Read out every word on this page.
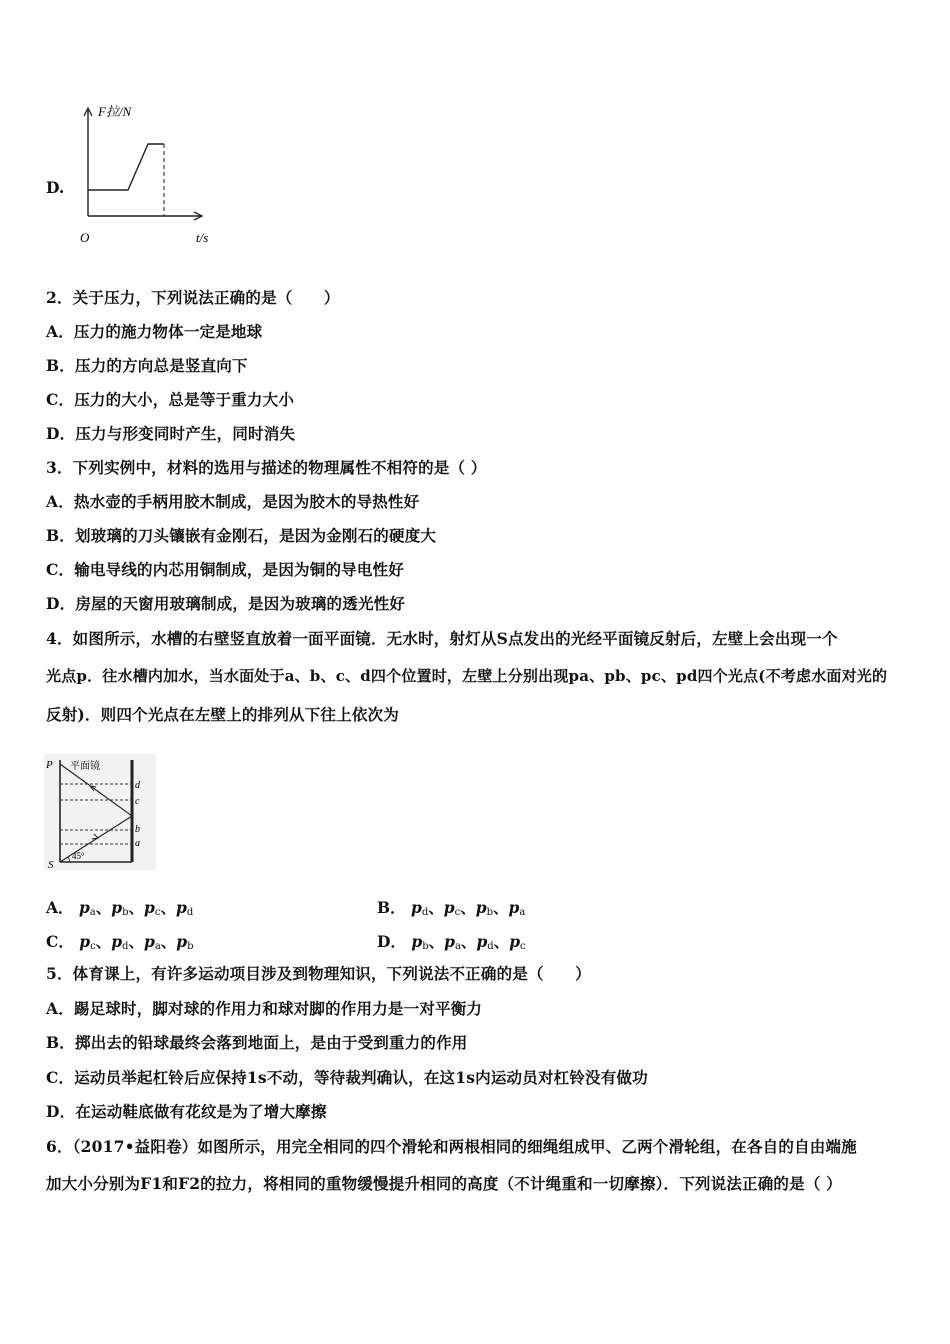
D.
F拉/N
O	t/s
2．关于压力，下列说法正确的是（　　）
A．压力的施力物体一定是地球
B．压力的方向总是竖直向下
C．压力的大小，总是等于重力大小
D．压力与形变同时产生，同时消失
3．下列实例中，材料的选用与描述的物理属性不相符的是（ ）
A．热水壶的手柄用胶木制成，是因为胶木的导热性好
B．划玻璃的刀头镶嵌有金刚石，是因为金刚石的硬度大
C．输电导线的内芯用铜制成，是因为铜的导电性好
D．房屋的天窗用玻璃制成，是因为玻璃的透光性好
4．如图所示，水槽的右壁竖直放着一面平面镜．无水时，射灯从S点发出的光经平面镜反射后，左壁上会出现一个
光点p．往水槽内加水，当水面处于a、b、c、d四个位置时，左壁上分别出现pa、pb、pc、pd四个光点(不考虑水面对光的
反射)．则四个光点在左壁上的排列从下往上依次为
P
S
45°
平面镜
d
c
b
a
A． $p_a$、$p_b$、$p_c$、$p_d$	B． $p_d$、$p_c$、$p_b$、$p_a$
C． $p_c$、$p_d$、$p_a$、$p_b$	D． $p_b$、$p_a$、$p_d$、$p_c$
5．体育课上，有许多运动项目涉及到物理知识，下列说法不正确的是（　　）
A．踢足球时，脚对球的作用力和球对脚的作用力是一对平衡力
B．掷出去的铅球最终会落到地面上，是由于受到重力的作用
C．运动员举起杠铃后应保持1s不动，等待裁判确认，在这1s内运动员对杠铃没有做功
D．在运动鞋底做有花纹是为了增大摩擦
6．（2017•益阳卷）如图所示，用完全相同的四个滑轮和两根相同的细绳组成甲、乙两个滑轮组，在各自的自由端施
加大小分别为F1和F2的拉力，将相同的重物缓慢提升相同的高度（不计绳重和一切摩擦）．下列说法正确的是（ ）
